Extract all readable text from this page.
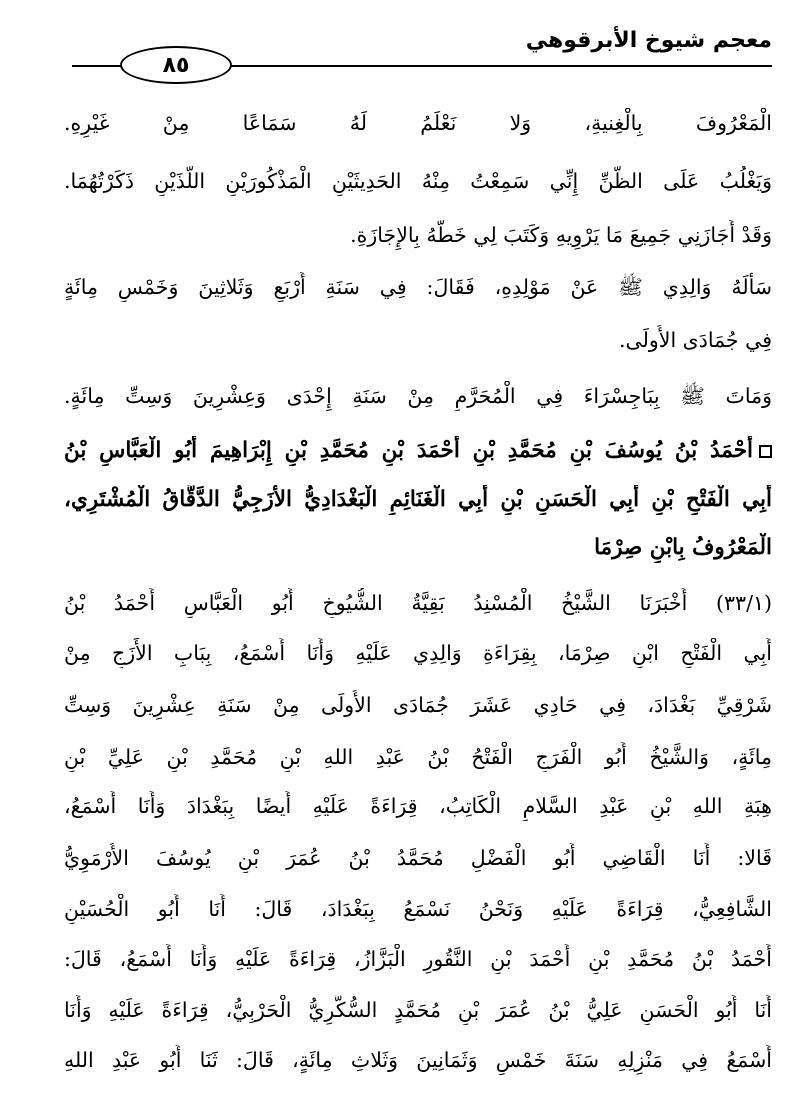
معجم شيوخ الأبرقوهي
٨٥
الْمَعْرُوفَ بِالْغِنيةِ، وَلا نَعْلَمُ لَهُ سَمَاعًا مِنْ غَيْرِهِ.
وَيَغْلُبُ عَلَى الظَّنِّ إِنِّي سَمِعْتُ مِنْهُ الحَدِيثَيْنِ الْمَذْكُورَيْنِ اللَّذَيْنِ ذَكَرْتُهُمَا.
وَقَدْ أَجَازَنِي جَمِيعَ مَا يَرْوِيهِ وَكَتَبَ لِي خَطَّهُ بِالإِجَازَةِ.
سَأَلَهُ وَالِدِي ﷺ عَنْ مَوْلِدِهِ، فَقَالَ: فِي سَنَةِ أَرْبَعٍ وَثَلاثِينَ وَخَمْسِ مِائَةٍ
فِي جُمَادَى الأُولَى.
وَمَاتَ ﷺ بِبَاجِسْرَاءَ فِي الْمُحَرَّمِ مِنْ سَنَةِ إِحْدَى وَعِشْرِينَ وَسِتِّ مِائَةٍ.
أَحْمَدُ بْنُ يُوسُفَ بْنِ مُحَمَّدِ بْنِ أَحْمَدَ بْنِ مُحَمَّدِ بْنِ إِبْرَاهِيمَ أَبُو الْعَبَّاسِ بْنُ
أَبِي الْفَتْحِ بْنِ أَبِي الْحَسَنِ بْنِ أَبِي الْغَنَائِمِ الْبَغْدَادِيُّ الأَزَجِيُّ الدَّقَّاقُ الْمُشْتَرِي،
الْمَعْرُوفُ بِابْنِ صِرْمَا
(٣٣/١) أَخْبَرَنَا الشَّيْخُ الْمُسْنِدُ بَقِيَّةُ الشُّيُوخِ أَبُو الْعَبَّاسِ أَحْمَدُ بْنُ
أَبِي الْفَتْحِ ابْنِ صِرْمَا، بِقِرَاءَةِ وَالِدِي عَلَيْهِ وَأَنَا أَسْمَعُ، بِبَابِ الأَزَجِ مِنْ
شَرْقِيِّ بَغْدَادَ، فِي حَادِي عَشَرَ جُمَادَى الأُولَى مِنْ سَنَةِ عِشْرِينَ وَسِتِّ
مِائَةٍ، وَالشَّيْخُ أَبُو الْفَرَجِ الْفَتْحُ بْنُ عَبْدِ اللهِ بْنِ مُحَمَّدِ بْنِ عَلِيِّ بْنِ
هِبَةِ اللهِ بْنِ عَبْدِ السَّلامِ الْكَاتِبُ، قِرَاءَةً عَلَيْهِ أَيضًا بِبَغْدَادَ وَأَنَا أَسْمَعُ،
قَالا: أَنَا الْقَاضِي أَبُو الْفَضْلِ مُحَمَّدُ بْنُ عُمَرَ بْنِ يُوسُفَ الأُرْمَوِيُّ
الشَّافِعِيُّ، قِرَاءَةً عَلَيْهِ وَنَحْنُ نَسْمَعُ بِبَغْدَادَ، قَالَ: أَنَا أَبُو الْحُسَيْنِ
أَحْمَدُ بْنُ مُحَمَّدِ بْنِ أَحْمَدَ بْنِ النَّقُورِ الْبَزَّازُ، قِرَاءَةً عَلَيْهِ وَأَنَا أَسْمَعُ، قَالَ:
أَنَا أَبُو الْحَسَنِ عَلِيُّ بْنُ عُمَرَ بْنِ مُحَمَّدٍ السُّكَّرِيُّ الْحَرْبِيُّ، قِرَاءَةً عَلَيْهِ وَأَنَا
أَسْمَعُ فِي مَنْزِلِهِ سَنَةَ خَمْسٍ وَثَمَانِينَ وَثَلاثِ مِائَةٍ، قَالَ: ثَنَا أَبُو عَبْدِ اللهِ
